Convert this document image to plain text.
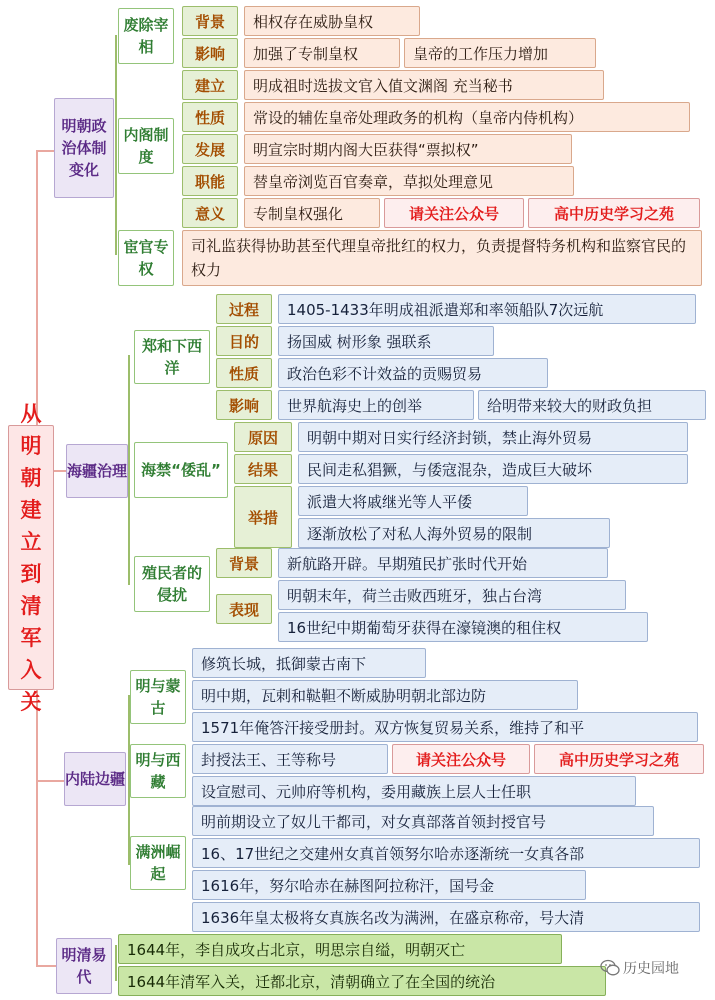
从明朝建立到清军入关
明朝政治体制变化
废除宰相
背景	相权存在威胁皇权
影响	加强了专制皇权	皇帝的工作压力增加
内阁制度
建立	明成祖时选拔文官入值文渊阁 充当秘书
性质	常设的辅佐皇帝处理政务的机构（皇帝内侍机构）
发展	明宣宗时期内阁大臣获得“票拟权”
职能	替皇帝浏览百官奏章，草拟处理意见
意义	专制皇权强化	请关注公众号	高中历史学习之苑
宦官专权
司礼监获得协助甚至代理皇帝批红的权力，负责提督特务机构和监察官民的权力
海疆治理
郑和下西洋
过程	1405-1433年明成祖派遣郑和率领船队7次远航
目的	扬国威 树形象 强联系
性质	政治色彩不计效益的贡赐贸易
影响	世界航海史上的创举	给明带来较大的财政负担
海禁“倭乱”
原因	明朝中期对日实行经济封锁，禁止海外贸易
结果	民间走私猖獗，与倭寇混杂，造成巨大破坏
举措
派遣大将戚继光等人平倭
逐渐放松了对私人海外贸易的限制
殖民者的侵扰
背景	新航路开辟。早期殖民扩张时代开始
表现
明朝末年，荷兰击败西班牙，独占台湾
16世纪中期葡萄牙获得在濠镜澳的租住权
内陆边疆
明与蒙古
修筑长城，抵御蒙古南下
明中期，瓦剌和鞑靼不断威胁明朝北部边防
1571年俺答汗接受册封。双方恢复贸易关系，维持了和平
明与西藏
封授法王、王等称号	请关注公众号	高中历史学习之苑
设宣慰司、元帅府等机构，委用藏族上层人士任职
满洲崛起
明前期设立了奴儿干都司，对女真部落首领封授官号
16、17世纪之交建州女真首领努尔哈赤逐渐统一女真各部
1616年，努尔哈赤在赫图阿拉称汗，国号金
1636年皇太极将女真族名改为满洲，在盛京称帝，号大清
明清易代
1644年，李自成攻占北京，明思宗自缢，明朝灭亡
1644年清军入关，迁都北京，清朝确立了在全国的统治
历史园地
